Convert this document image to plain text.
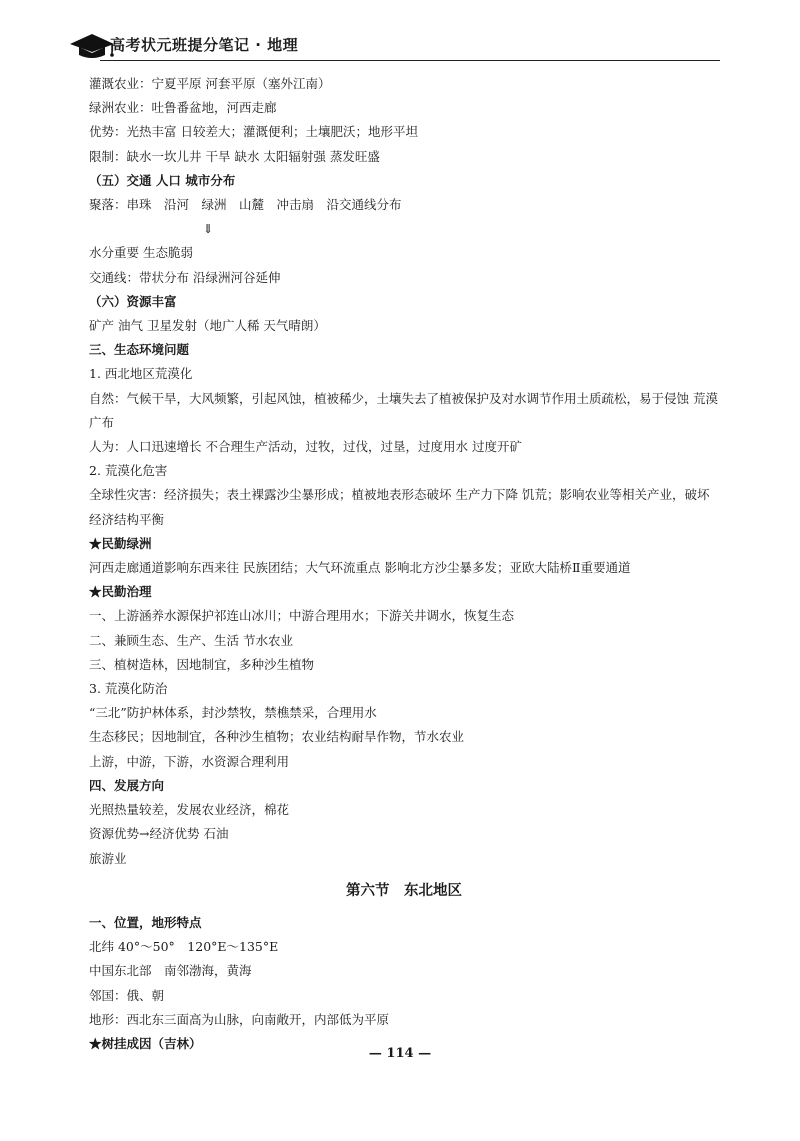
高考状元班提分笔记 · 地理
灌溉农业：宁夏平原 河套平原（塞外江南）
绿洲农业：吐鲁番盆地，河西走廊
优势：光热丰富 日较差大；灌溉便利；土壤肥沃；地形平坦
限制：缺水一坎儿井 干旱 缺水 太阳辐射强 蒸发旺盛
（五）交通 人口 城市分布
聚落：串珠　沿河　绿洲　山麓　冲击扇　沿交通线分布
⇓
水分重要 生态脆弱
交通线：带状分布 沿绿洲河谷延伸
（六）资源丰富
矿产 油气 卫星发射（地广人稀 天气晴朗）
三、生态环境问题
1. 西北地区荒漠化
自然：气候干旱，大风频繁，引起风蚀，植被稀少，土壤失去了植被保护及对水调节作用土质疏松，易于侵蚀 荒漠广布
人为：人口迅速增长 不合理生产活动，过牧，过伐，过垦，过度用水 过度开矿
2. 荒漠化危害
全球性灾害：经济损失；表土裸露沙尘暴形成；植被地表形态破坏 生产力下降 饥荒；影响农业等相关产业，破坏经济结构平衡
★民勤绿洲
河西走廊通道影响东西来往 民族团结；大气环流重点 影响北方沙尘暴多发；亚欧大陆桥Ⅱ重要通道
★民勤治理
一、上游涵养水源保护祁连山冰川；中游合理用水；下游关井调水，恢复生态
二、兼顾生态、生产、生活 节水农业
三、植树造林，因地制宜，多种沙生植物
3. 荒漠化防治
“三北”防护林体系，封沙禁牧，禁樵禁采，合理用水
生态移民；因地制宜，各种沙生植物；农业结构耐旱作物，节水农业
上游，中游，下游，水资源合理利用
四、发展方向
光照热量较差，发展农业经济，棉花
资源优势→经济优势 石油
旅游业
第六节　东北地区
一、位置，地形特点
北纬 40°～50°　120°E～135°E
中国东北部　南邻渤海，黄海
邻国：俄、朝
地形：西北东三面高为山脉，向南敞开，内部低为平原
★树挂成因（吉林）
— 114 —
